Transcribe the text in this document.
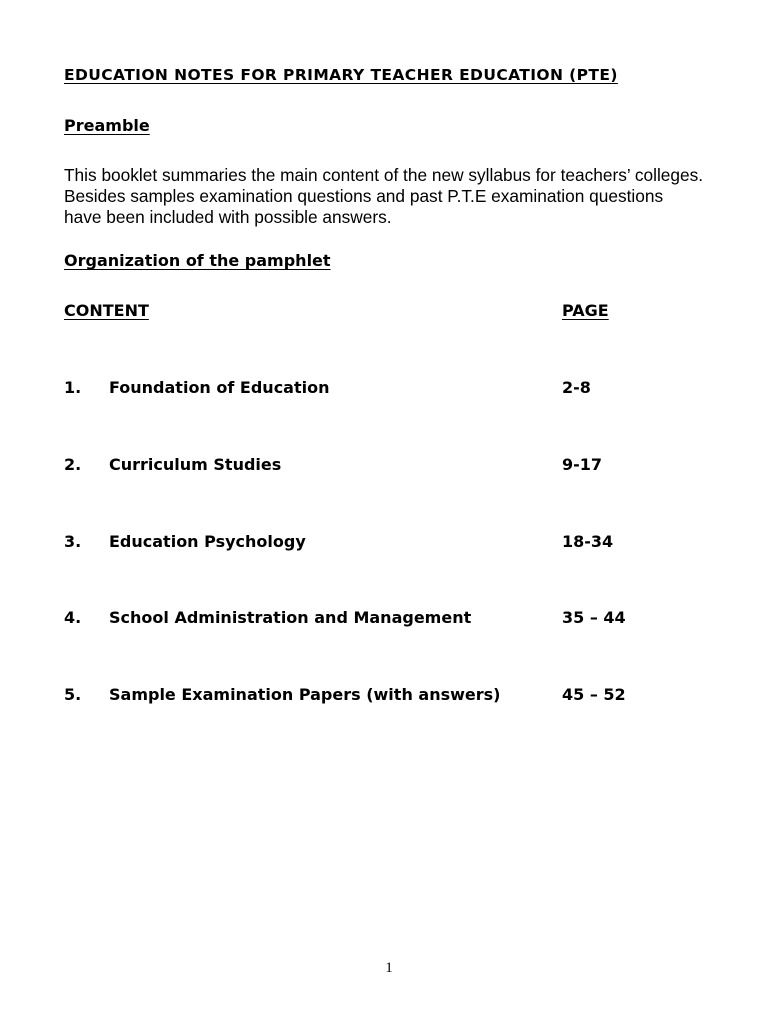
EDUCATION NOTES FOR PRIMARY TEACHER EDUCATION (PTE)
Preamble
This booklet summaries the main content of the new syllabus for teachers’ colleges.
Besides samples examination questions and past P.T.E examination questions
have been included with possible answers.
Organization of the pamphlet
CONTENT	PAGE
1. Foundation of Education	2-8
2. Curriculum Studies	9-17
3. Education Psychology	18-34
4. School Administration and Management	35 – 44
5. Sample Examination Papers (with answers)	45 – 52
1
